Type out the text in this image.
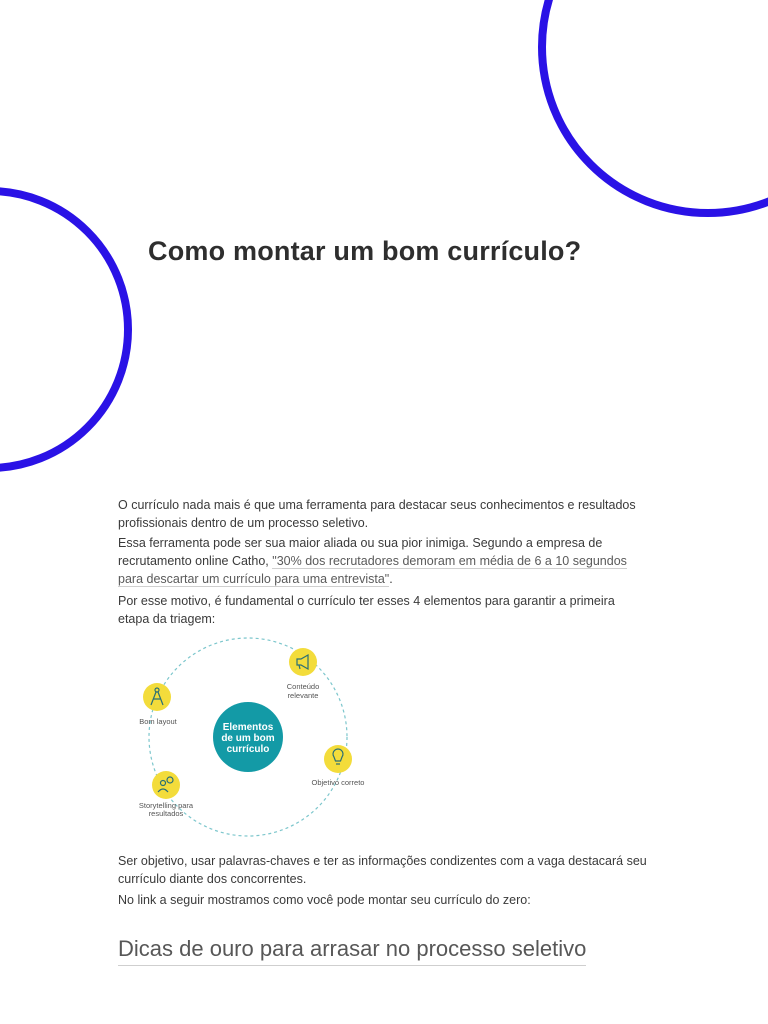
Como montar um bom currículo?

O currículo nada mais é que uma ferramenta para destacar seus conhecimentos e resultados profissionais dentro de um processo seletivo.

Essa ferramenta pode ser sua maior aliada ou sua pior inimiga. Segundo a empresa de recrutamento online Catho, "30% dos recrutadores demoram em média de 6 a 10 segundos para descartar um currículo para uma entrevista".

Por esse motivo, é fundamental o currículo ter esses 4 elementos para garantir a primeira etapa da triagem:

Elementos
de um bom
currículo
Conteúdo
relevante
Bom layout
Objetivo correto
Storytelling para
resultados

Ser objetivo, usar palavras-chaves e ter as informações condizentes com a vaga destacará seu currículo diante dos concorrentes.

No link a seguir mostramos como você pode montar seu currículo do zero:

Dicas de ouro para arrasar no processo seletivo
